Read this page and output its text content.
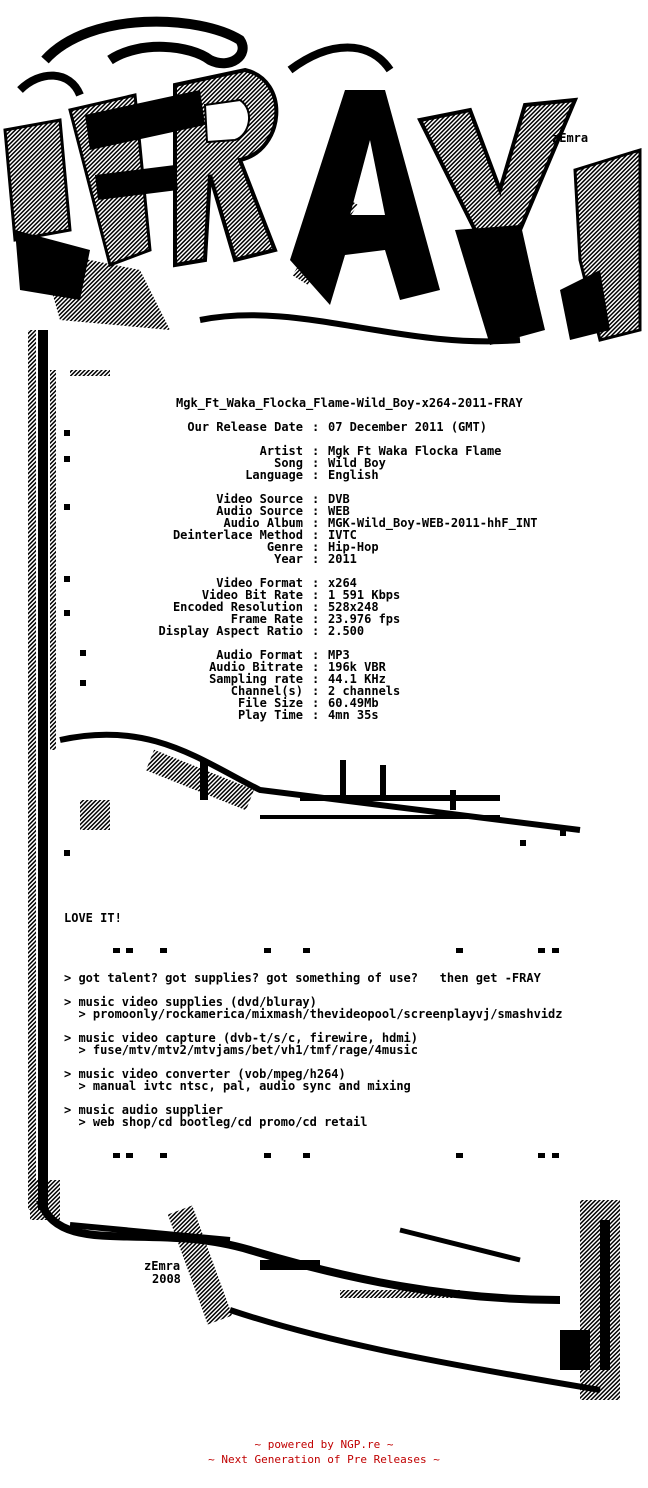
zEmra
Mgk_Ft_Waka_Flocka_Flame-Wild_Boy-x264-2011-FRAY
Our Release Date : 07 December 2011 (GMT)
Artist : Mgk Ft Waka Flocka Flame
Song : Wild Boy
Language : English
Video Source : DVB
Audio Source : WEB
Audio Album : MGK-Wild_Boy-WEB-2011-hhF_INT
Deinterlace Method : IVTC
Genre : Hip-Hop
Year : 2011
Video Format : x264
Video Bit Rate : 1 591 Kbps
Encoded Resolution : 528x248
Frame Rate : 23.976 fps
Display Aspect Ratio : 2.500
Audio Format : MP3
Audio Bitrate : 196k VBR
Sampling rate : 44.1 KHz
Channel(s) : 2 channels
File Size : 60.49Mb
Play Time : 4mn 35s
LOVE IT!
> got talent? got supplies? got something of use?   then get -FRAY
> music video supplies (dvd/bluray)
> promoonly/rockamerica/mixmash/thevideopool/screenplayvj/smashvidz
> music video capture (dvb-t/s/c, firewire, hdmi)
> fuse/mtv/mtv2/mtvjams/bet/vh1/tmf/rage/4music
> music video converter (vob/mpeg/h264)
> manual ivtc ntsc, pal, audio sync and mixing
> music audio supplier
> web shop/cd bootleg/cd promo/cd retail
zEmra
2008
~ powered by NGP.re ~
~ Next Generation of Pre Releases ~
